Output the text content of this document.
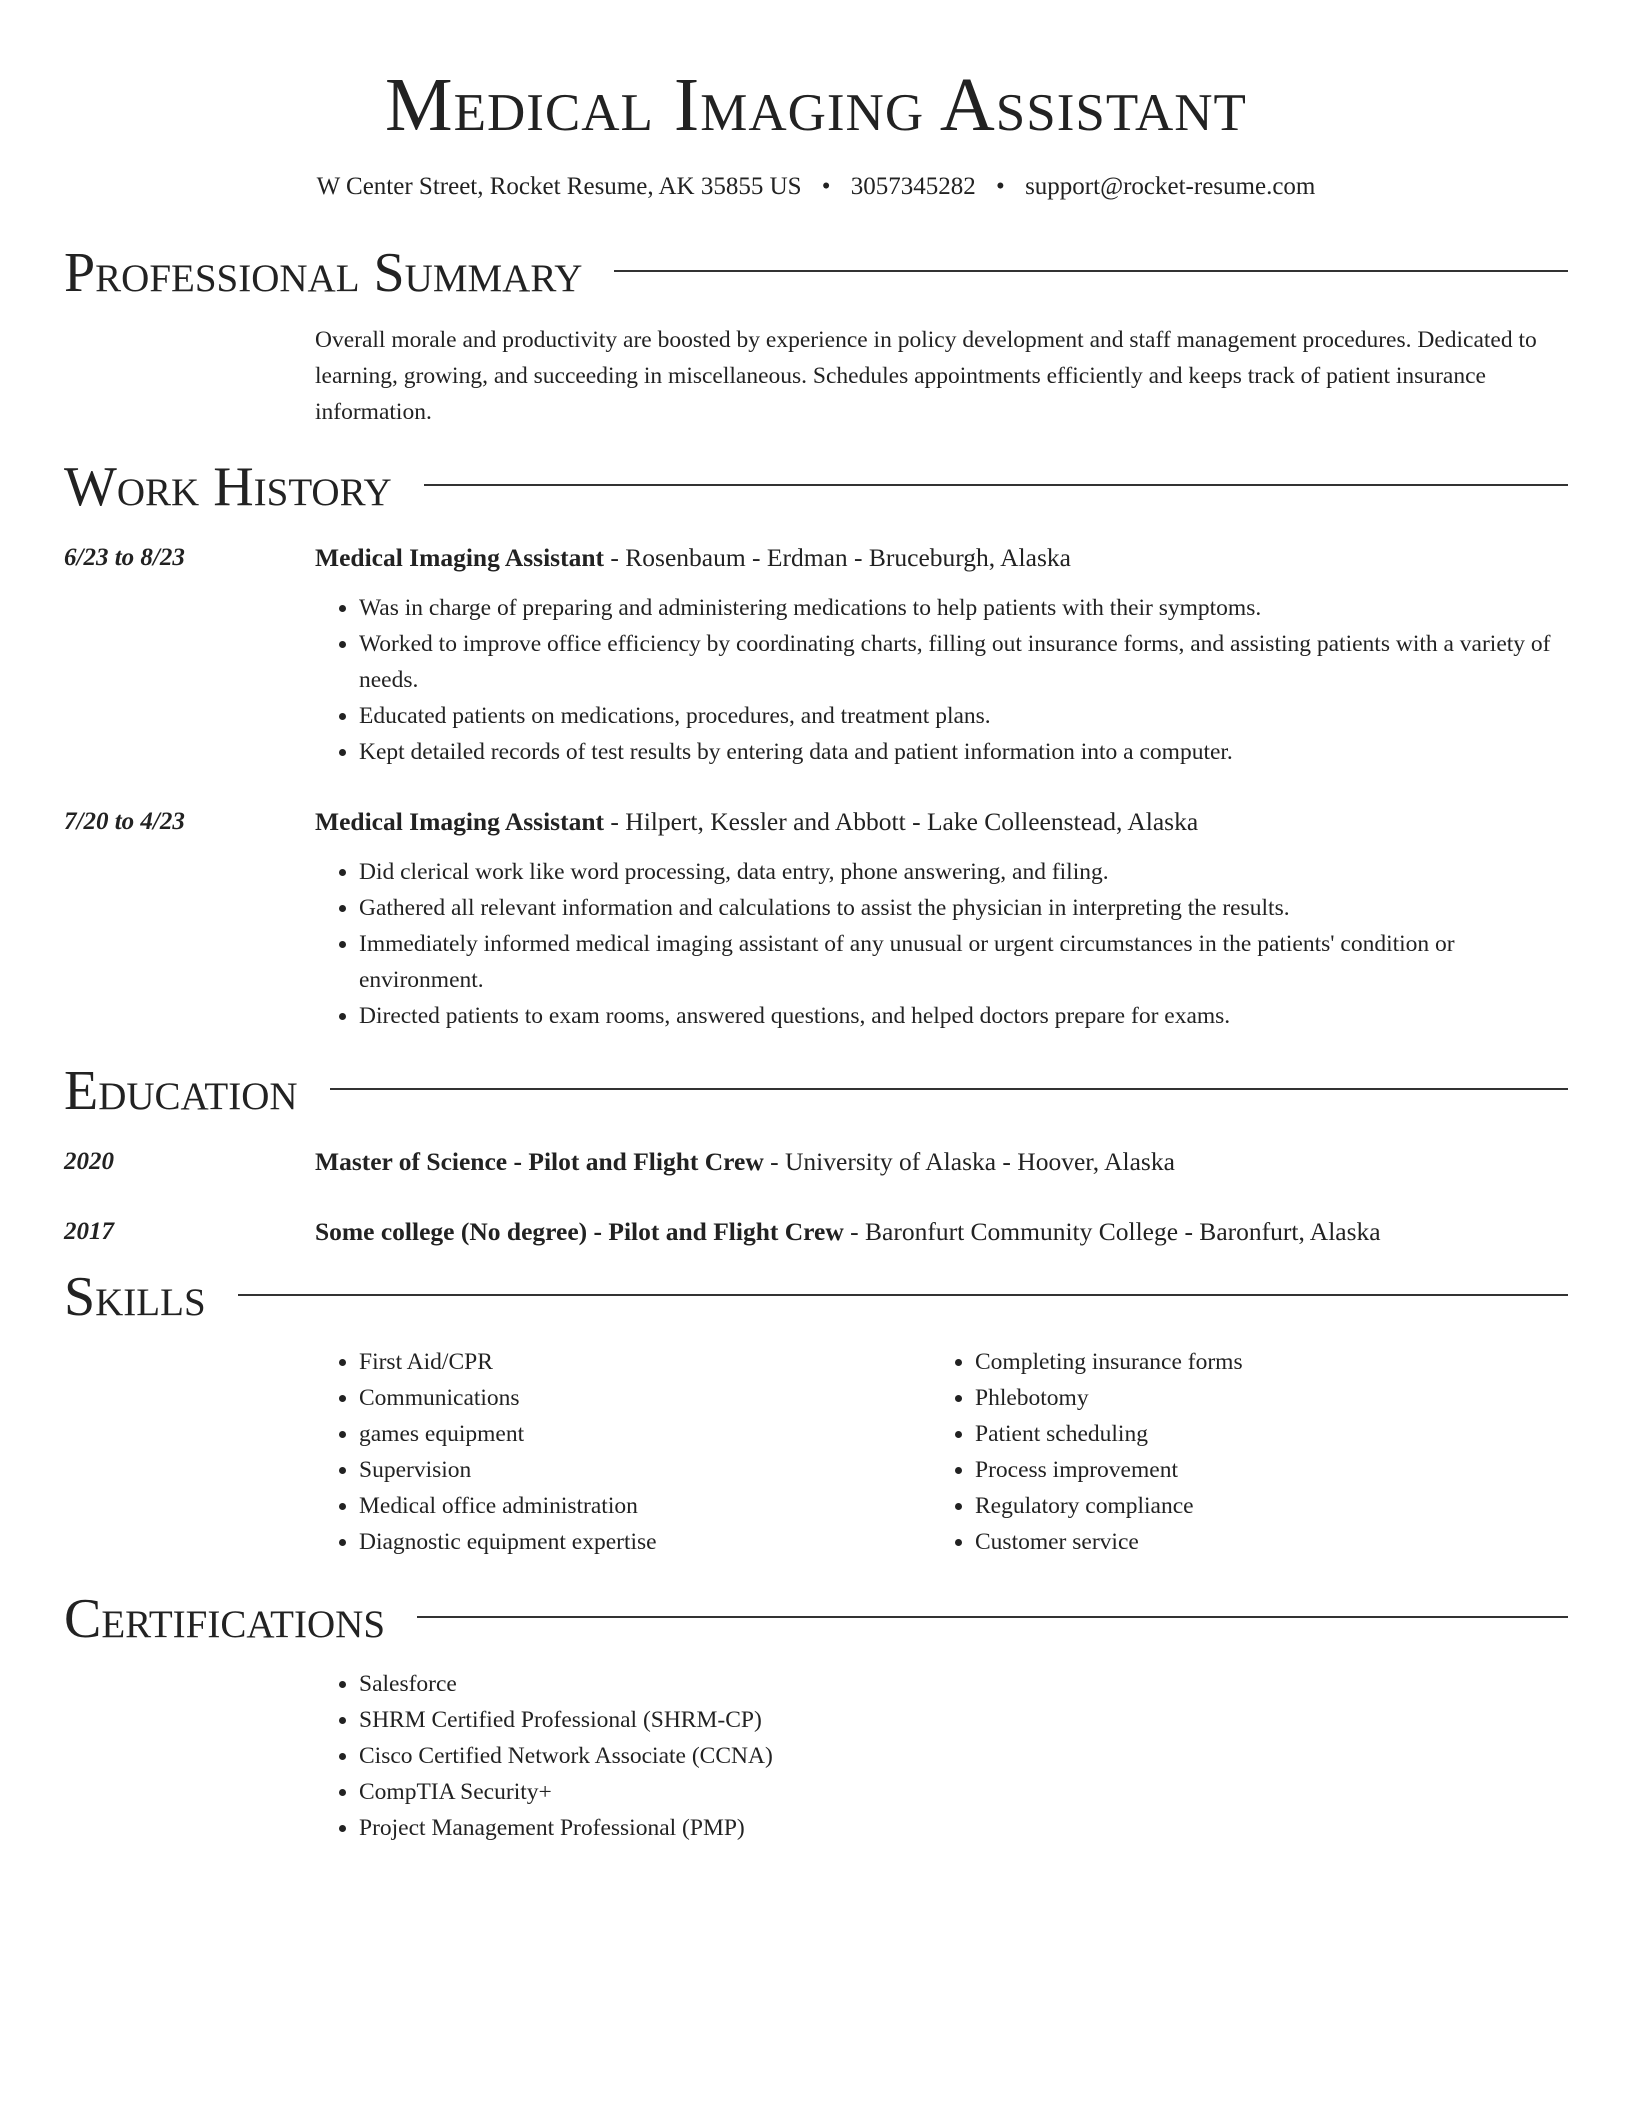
Medical Imaging Assistant
W Center Street, Rocket Resume, AK 35855 US • 3057345282 • support@rocket-resume.com
Professional Summary
Overall morale and productivity are boosted by experience in policy development and staff management procedures. Dedicated to learning, growing, and succeeding in miscellaneous. Schedules appointments efficiently and keeps track of patient insurance information.
Work History
6/23 to 8/23	Medical Imaging Assistant - Rosenbaum - Erdman - Bruceburgh, Alaska
• Was in charge of preparing and administering medications to help patients with their symptoms.
• Worked to improve office efficiency by coordinating charts, filling out insurance forms, and assisting patients with a variety of needs.
• Educated patients on medications, procedures, and treatment plans.
• Kept detailed records of test results by entering data and patient information into a computer.
7/20 to 4/23	Medical Imaging Assistant - Hilpert, Kessler and Abbott - Lake Colleenstead, Alaska
• Did clerical work like word processing, data entry, phone answering, and filing.
• Gathered all relevant information and calculations to assist the physician in interpreting the results.
• Immediately informed medical imaging assistant of any unusual or urgent circumstances in the patients' condition or environment.
• Directed patients to exam rooms, answered questions, and helped doctors prepare for exams.
Education
2020	Master of Science - Pilot and Flight Crew - University of Alaska - Hoover, Alaska
2017	Some college (No degree) - Pilot and Flight Crew - Baronfurt Community College - Baronfurt, Alaska
Skills
• First Aid/CPR
• Communications
• games equipment
• Supervision
• Medical office administration
• Diagnostic equipment expertise
• Completing insurance forms
• Phlebotomy
• Patient scheduling
• Process improvement
• Regulatory compliance
• Customer service
Certifications
• Salesforce
• SHRM Certified Professional (SHRM-CP)
• Cisco Certified Network Associate (CCNA)
• CompTIA Security+
• Project Management Professional (PMP)
